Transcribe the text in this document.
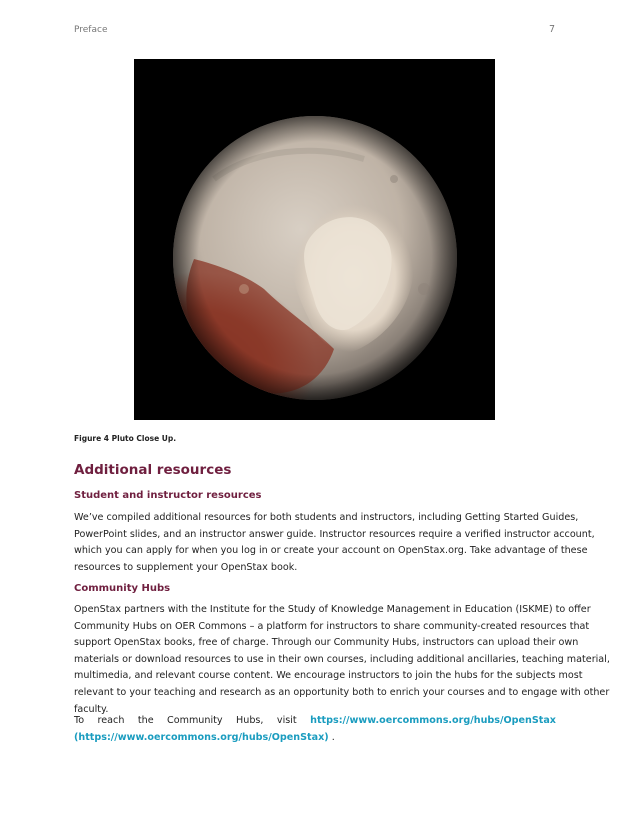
Preface	7
Figure 4 Pluto Close Up.
Additional resources
Student and instructor resources
We’ve compiled additional resources for both students and instructors, including Getting Started Guides,
PowerPoint slides, and an instructor answer guide. Instructor resources require a verified instructor account,
which you can apply for when you log in or create your account on OpenStax.org. Take advantage of these
resources to supplement your OpenStax book.
Community Hubs
OpenStax partners with the Institute for the Study of Knowledge Management in Education (ISKME) to offer
Community Hubs on OER Commons – a platform for instructors to share community-created resources that
support OpenStax books, free of charge. Through our Community Hubs, instructors can upload their own
materials or download resources to use in their own courses, including additional ancillaries, teaching material,
multimedia, and relevant course content. We encourage instructors to join the hubs for the subjects most
relevant to your teaching and research as an opportunity both to enrich your courses and to engage with other
faculty.
To reach the Community Hubs, visit https://www.oercommons.org/hubs/OpenStax
(https://www.oercommons.org/hubs/OpenStax) .
